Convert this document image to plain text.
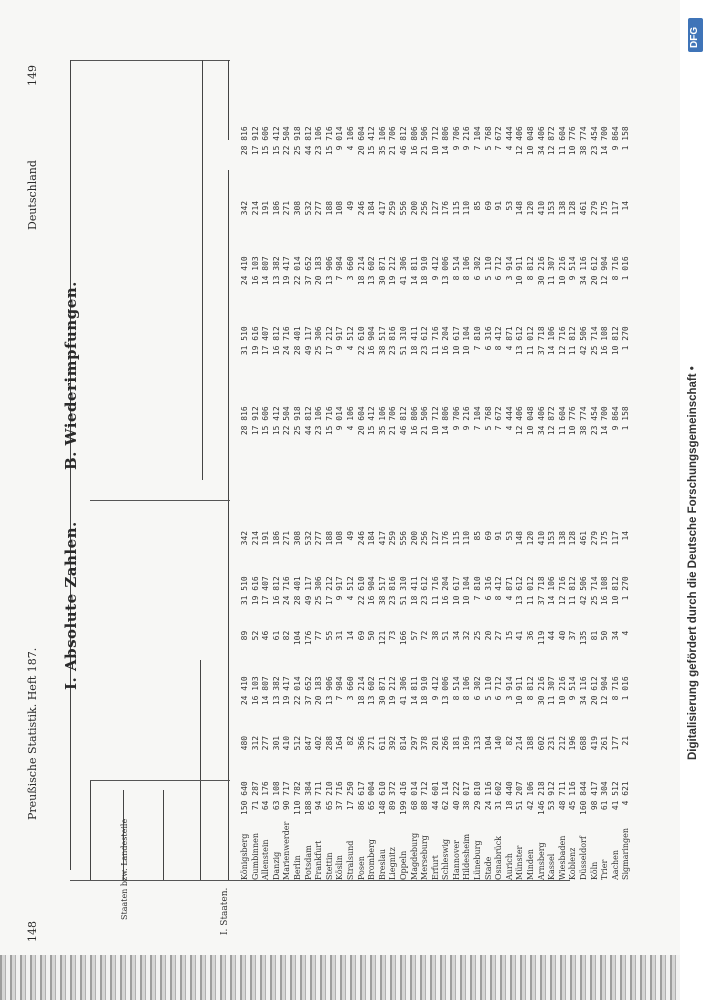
148
Preußische Statistik. Heft 187.
Deutschland
149
I. Absolute Zahlen.
B. Wiederimpfungen.
Staaten bzw. Landesteile	I. Staaten.
Königsberg
Gumbinnen
Allenstein
Danzig
Marienwerder
Berlin
Potsdam
Frankfurt
Stettin
Köslin
Stralsund
Posen
Bromberg
Breslau
Liegnitz
Oppeln
Magdeburg
Merseburg
Erfurt
Schleswig
Hannover
Hildesheim
Lüneburg
Stade
Osnabrück
Aurich
Münster
Minden
Arnsberg
Kassel
Wiesbaden
Koblenz
Düsseldorf
Köln
Trier
Aachen
Sigmaringen
150 640
71 287
64 176
63 108
90 717
110 782
188 384
94 711
65 210
37 716
17 250
86 617
65 004
148 610
89 372
199 416
68 014
88 712
44 601
62 114
40 222
38 017
29 810
24 116
31 602
18 440
51 207
42 106
146 218
53 912
48 711
45 116
160 844
98 417
61 304
41 512
4 621
480
312
277
301
410
512
847
402
288
164
82
366
271
611
392
814
297
378
201
266
181
169
133
104
140
82
214
188
602
231
212
196
688
419
261
177
21
24 410
16 103
14 807
13 382
19 417
22 014
37 652
20 183
13 906
7 984
3 660
18 214
13 602
30 871
19 212
41 306
14 811
18 910
9 412
13 006
8 514
8 106
6 302
5 110
6 712
3 914
10 911
8 812
30 216
11 307
10 216
9 514
34 116
20 612
12 904
8 716
1 016
89
52
46
61
82
104
176
77
55
31
14
69
50
121
73
166
57
72
38
51
34
32
25
20
27
15
41
36
119
44
40
37
135
81
50
34
4
31 510
19 616
17 407
16 812
24 716
28 401
49 117
25 306
17 212
9 917
4 512
22 610
16 904
38 517
23 816
51 310
18 411
23 612
11 716
16 204
10 617
10 104
7 810
6 316
8 412
4 871
13 612
11 012
37 718
14 106
12 716
11 812
42 506
25 714
16 108
10 812
1 270
342
214
191
186
271
308
532
277
188
108
49
246
184
417
259
556
200
256
127
176
115
110
85
69
91
53
148
120
410
153
138
128
461
279
175
117
14
28 816
17 912
15 606
15 412
22 504
25 918
44 812
23 106
15 716
9 014
4 106
20 604
15 412
35 106
21 706
46 812
16 806
21 506
10 712
14 806
9 706
9 216
7 104
5 768
7 672
4 444
12 406
10 048
34 406
12 872
11 604
10 776
38 774
23 454
14 700
9 864
1 158
31 510
19 616
17 407
16 812
24 716
28 401
49 117
25 306
17 212
9 917
4 512
22 610
16 904
38 517
23 816
51 310
18 411
23 612
11 716
16 204
10 617
10 104
7 810
6 316
8 412
4 871
13 612
11 012
37 718
14 106
12 716
11 812
42 506
25 714
16 108
10 812
1 270
24 410
16 103
14 807
13 382
19 417
22 014
37 652
20 183
13 906
7 984
3 660
18 214
13 602
30 871
19 212
41 306
14 811
18 910
9 412
13 006
8 514
8 106
6 302
5 110
6 712
3 914
10 911
8 812
30 216
11 307
10 216
9 514
34 116
20 612
12 904
8 716
1 016
342
214
191
186
271
308
532
277
188
108
49
246
184
417
259
556
200
256
127
176
115
110
85
69
91
53
148
120
410
153
138
128
461
279
175
117
14
28 816
17 912
15 606
15 412
22 504
25 918
44 812
23 106
15 716
9 014
4 106
20 604
15 412
35 106
21 706
46 812
16 806
21 506
10 712
14 806
9 706
9 216
7 104
5 768
7 672
4 444
12 406
10 048
34 406
12 872
11 604
10 776
38 774
23 454
14 700
9 864
1 158
DFG
Digitalisierung gefördert durch die Deutsche Forschungsgemeinschaft •
